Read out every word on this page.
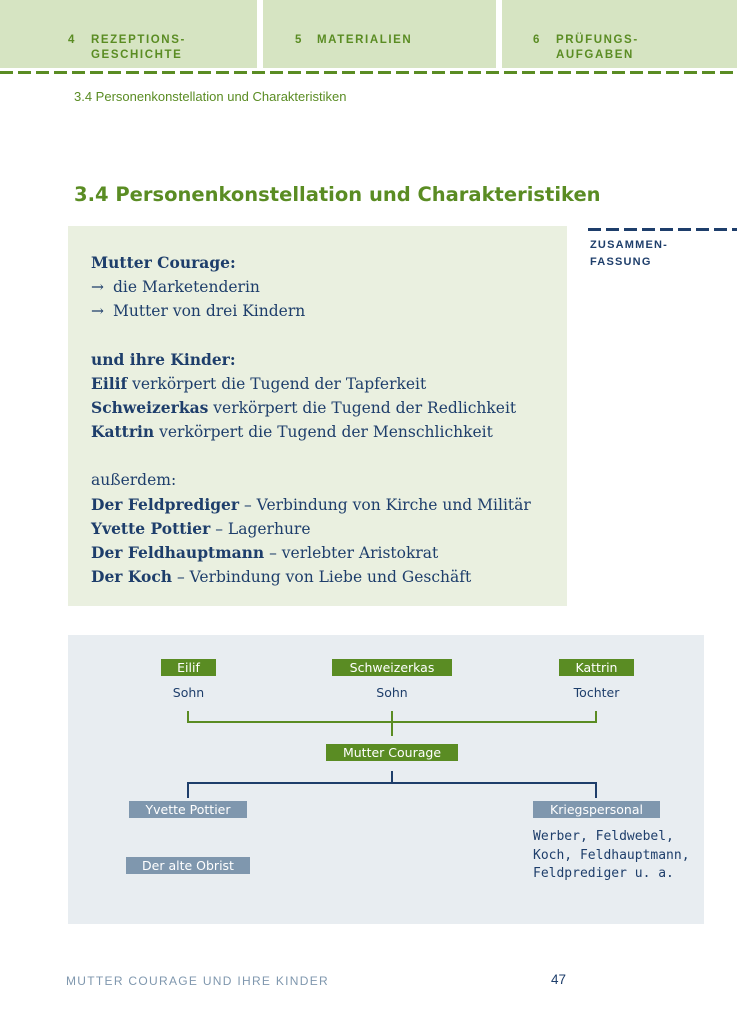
4 REZEPTIONS-
GESCHICHTE
5 MATERIALIEN	6 PRÜFUNGS-
AUFGABEN
3.4 Personenkonstellation und Charakteristiken
3.4 Personenkonstellation und Charakteristiken
ZUSAMMEN-
FASSUNG
Mutter Courage:
→ die Marketenderin
→ Mutter von drei Kindern
und ihre Kinder:
Eilif verkörpert die Tugend der Tapferkeit
Schweizerkas verkörpert die Tugend der Redlichkeit
Kattrin verkörpert die Tugend der Menschlichkeit
außerdem:
Der Feldprediger – Verbindung von Kirche und Militär
Yvette Pottier – Lagerhure
Der Feldhauptmann – verlebter Aristokrat
Der Koch – Verbindung von Liebe und Geschäft
Eilif
Sohn
Schweizerkas
Sohn
Kattrin
Tochter
Mutter Courage
Yvette Pottier
Der alte Obrist
Kriegspersonal
Werber, Feldwebel,
Koch, Feldhauptmann,
Feldprediger u. a.
MUTTER COURAGE UND IHRE KINDER	47
